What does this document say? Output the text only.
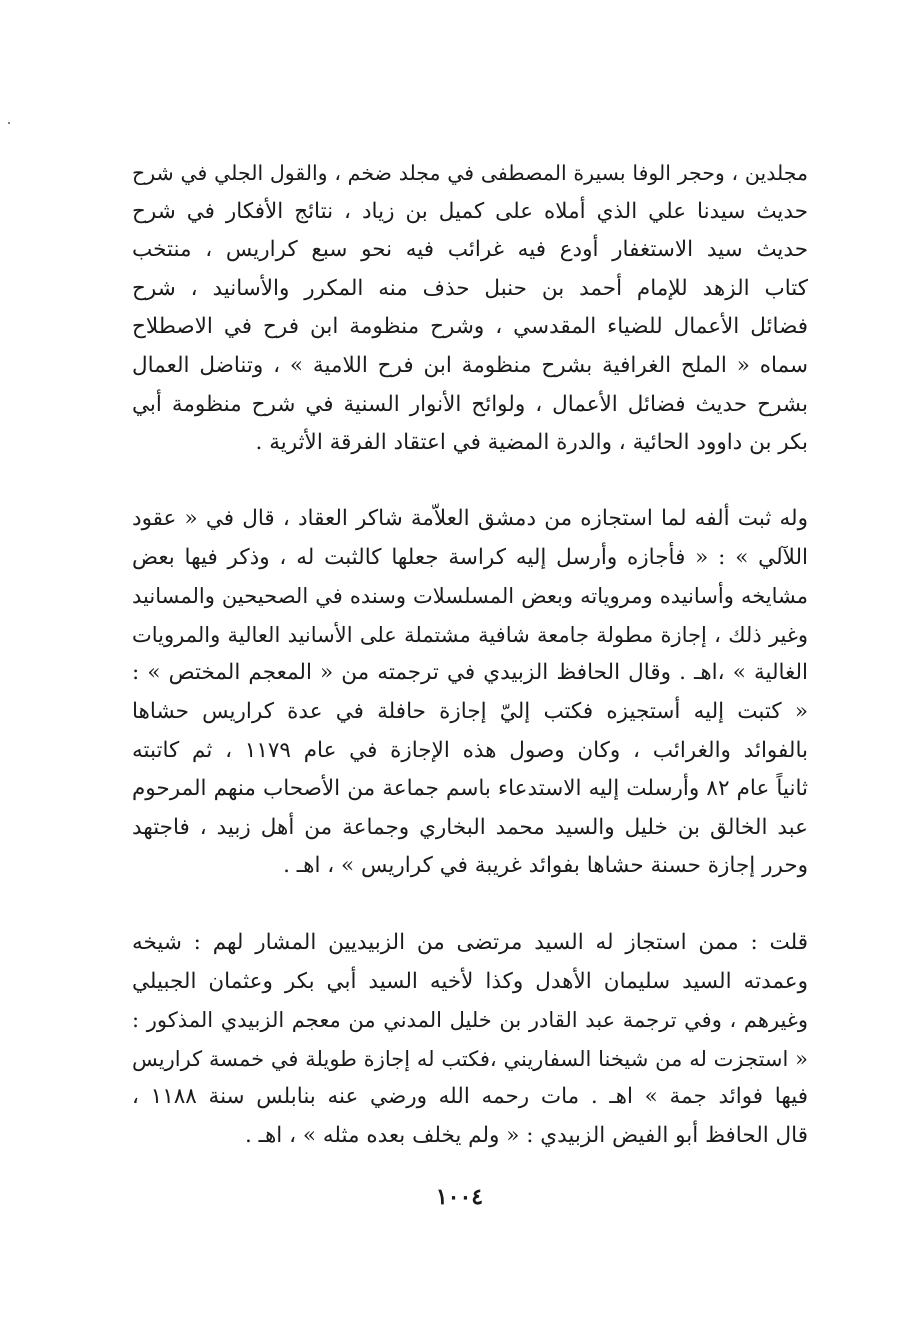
مجلدين ، وحجر الوفا بسيرة المصطفى في مجلد ضخم ، والقول الجلي في شرح
حديث سيدنا علي الذي أملاه على كميل بن زياد ، نتائج الأفكار في شرح
حديث سيد الاستغفار أودع فيه غرائب فيه نحو سبع كراريس ، منتخب
كتاب الزهد للإمام أحمد بن حنبل حذف منه المكرر والأسانيد ، شرح
فضائل الأعمال للضياء المقدسي ، وشرح منظومة ابن فرح في الاصطلاح
سماه « الملح الغرافية بشرح منظومة ابن فرح اللامية » ، وتناضل العمال
بشرح حديث فضائل الأعمال ، ولوائح الأنوار السنية في شرح منظومة أبي
بكر بن داوود الحائية ، والدرة المضية في اعتقاد الفرقة الأثرية .
وله ثبت ألفه لما استجازه من دمشق العلاّمة شاكر العقاد ، قال في « عقود
اللآلي » : « فأجازه وأرسل إليه كراسة جعلها كالثبت له ، وذكر فيها بعض
مشايخه وأسانيده ومروياته وبعض المسلسلات وسنده في الصحيحين والمسانيد
وغير ذلك ، إجازة مطولة جامعة شافية مشتملة على الأسانيد العالية والمرويات
الغالية » ،اهـ . وقال الحافظ الزبيدي في ترجمته من « المعجم المختص » :
« كتبت إليه أستجيزه فكتب إليّ إجازة حافلة في عدة كراريس حشاها
بالفوائد والغرائب ، وكان وصول هذه الإجازة في عام ١١٧٩ ، ثم كاتبته
ثانياً عام ٨٢ وأرسلت إليه الاستدعاء باسم جماعة من الأصحاب منهم المرحوم
عبد الخالق بن خليل والسيد محمد البخاري وجماعة من أهل زبيد ، فاجتهد
وحرر إجازة حسنة حشاها بفوائد غريبة في كراريس » ، اهـ .
قلت : ممن استجاز له السيد مرتضى من الزبيديين المشار لهم : شيخه
وعمدته السيد سليمان الأهدل وكذا لأخيه السيد أبي بكر وعثمان الجبيلي
وغيرهم ، وفي ترجمة عبد القادر بن خليل المدني من معجم الزبيدي المذكور :
« استجزت له من شيخنا السفاريني ،فكتب له إجازة طويلة في خمسة كراريس
فيها فوائد جمة » اهـ . مات رحمه الله ورضي عنه بنابلس سنة ١١٨٨ ،
قال الحافظ أبو الفيض الزبيدي : « ولم يخلف بعده مثله » ، اهـ .
١٠٠٤
